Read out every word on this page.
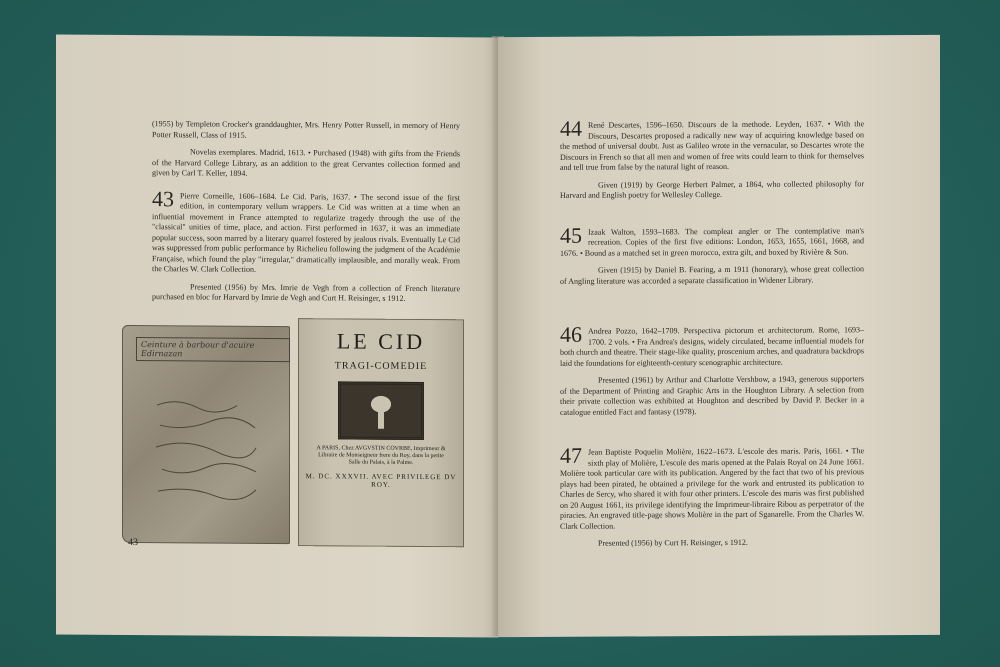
(1955) by Templeton Crocker's granddaughter, Mrs. Henry Potter Russell, in memory of Henry Potter Russell, Class of 1915.

Novelas exemplares. Madrid, 1613. • Purchased (1948) with gifts from the Friends of the Harvard College Library, as an addition to the great Cervantes collection formed and given by Carl T. Keller, 1894.

43 Pierre Corneille, 1606–1684. Le Cid. Paris, 1637. • The second issue of the first edition, in contemporary vellum wrappers. Le Cid was written at a time when an influential movement in France attempted to regularize tragedy through the use of the "classical" unities of time, place, and action. First performed in 1637, it was an immediate popular success, soon marred by a literary quarrel fostered by jealous rivals. Eventually Le Cid was suppressed from public performance by Richelieu following the judgment of the Académie Française, which found the play "irregular," dramatically implausible, and morally weak. From the Charles W. Clark Collection.

Presented (1956) by Mrs. Imrie de Vegh from a collection of French literature purchased en bloc for Harvard by Imrie de Vegh and Curt H. Reisinger, s 1912.

Ceinture à barbour d'acuire Edirnazan	LE CID
TRAGI-COMEDIE
A PARIS, Chez AVGVSTIN COVRBE, Imprimeur & Libraire de Monseigneur frere du Roy, dans la petite Salle du Palais, à la Palme.
M. DC. XXXVII. AVEC PRIVILEGE DV ROY.
43
44 René Descartes, 1596–1650. Discours de la methode. Leyden, 1637. • With the Discours, Descartes proposed a radically new way of acquiring knowledge based on the method of universal doubt. Just as Galileo wrote in the vernacular, so Descartes wrote the Discours in French so that all men and women of free wits could learn to think for themselves and tell true from false by the natural light of reason.

Given (1919) by George Herbert Palmer, a 1864, who collected philosophy for Harvard and English poetry for Wellesley College.

45 Izaak Walton, 1593–1683. The compleat angler or The contemplative man's recreation. Copies of the first five editions: London, 1653, 1655, 1661, 1668, and 1676. • Bound as a matched set in green morocco, extra gilt, and boxed by Rivière & Son.

Given (1915) by Daniel B. Fearing, a m 1911 (honorary), whose great collection of Angling literature was accorded a separate classification in Widener Library.

46 Andrea Pozzo, 1642–1709. Perspectiva pictorum et architectorum. Rome, 1693–1700. 2 vols. • Fra Andrea's designs, widely circulated, became influential models for both church and theatre. Their stage-like quality, proscenium arches, and quadratura backdrops laid the foundations for eighteenth-century scenographic architecture.

Presented (1961) by Arthur and Charlotte Vershbow, a 1943, generous supporters of the Department of Printing and Graphic Arts in the Houghton Library. A selection from their private collection was exhibited at Houghton and described by David P. Becker in a catalogue entitled Fact and fantasy (1978).

47 Jean Baptiste Poquelin Molière, 1622–1673. L'escole des maris. Paris, 1661. • The sixth play of Molière, L'escole des maris opened at the Palais Royal on 24 June 1661. Molière took particular care with its publication. Angered by the fact that two of his previous plays had been pirated, he obtained a privilege for the work and entrusted its publication to Charles de Sercy, who shared it with four other printers. L'escole des maris was first published on 20 August 1661, its privilege identifying the Imprimeur-libraire Ribou as perpetrator of the piracies. An engraved title-page shows Molière in the part of Sganarelle. From the Charles W. Clark Collection.

Presented (1956) by Curt H. Reisinger, s 1912.
